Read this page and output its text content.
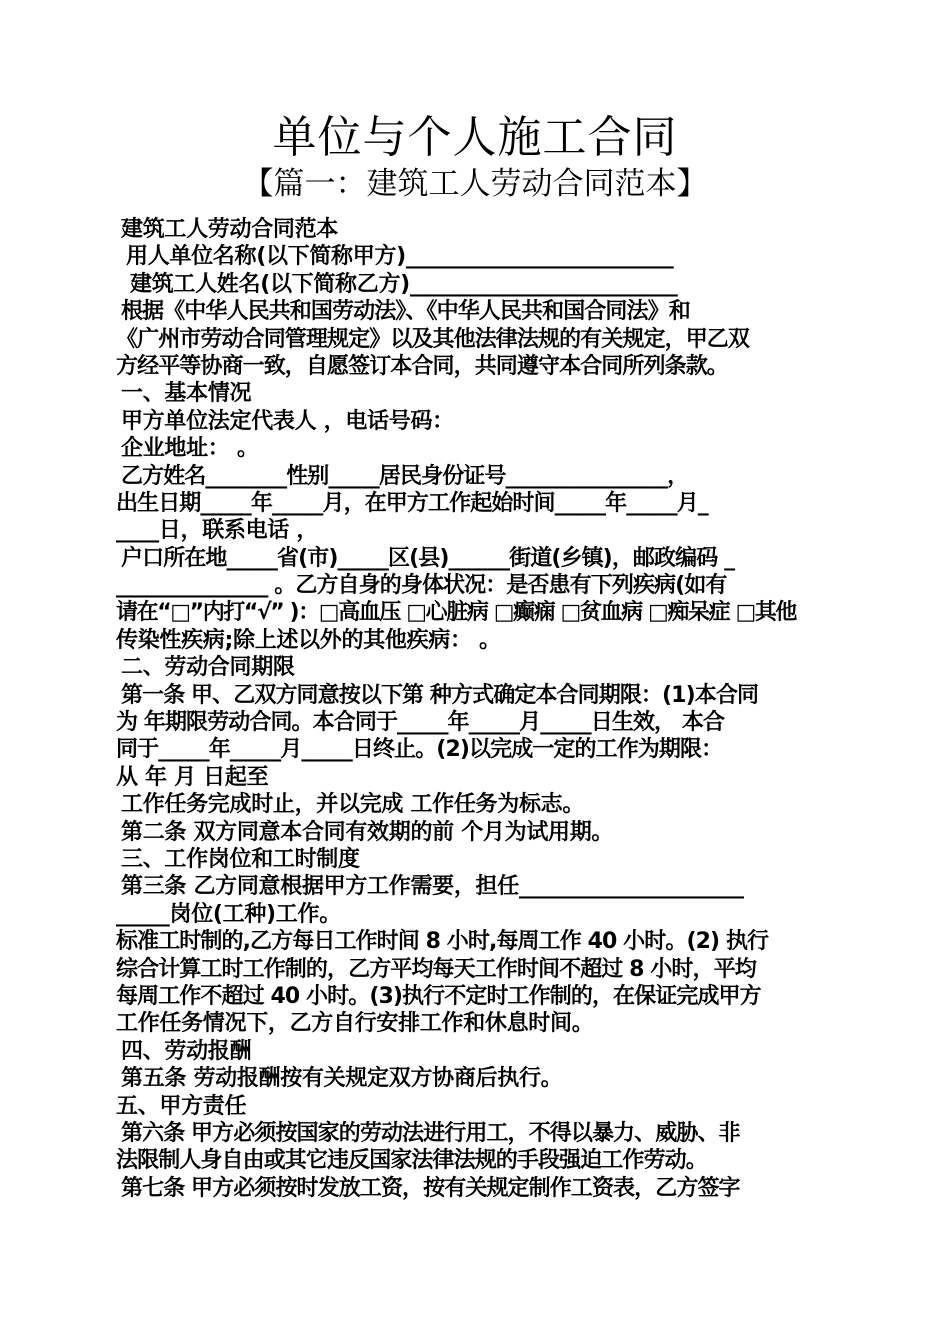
单位与个人施工合同
【篇一：建筑工人劳动合同范本】
建筑工人劳动合同范本
用人单位名称(以下简称甲方)_________________________
建筑工人姓名(以下简称乙方)_________________________
根据《中华人民共和国劳动法》、《中华人民共和国合同法》和
《广州市劳动合同管理规定》以及其他法律法规的有关规定，甲乙双
方经平等协商一致，自愿签订本合同，共同遵守本合同所列条款。
一、基本情况
甲方单位法定代表人 ，电话号码：
企业地址： 。
乙方姓名________性别_____居民身份证号________________，
出生日期_____年_____月，在甲方工作起始时间_____年_____月_
____日，联系电话 ，
户口所在地_____省(市)_____区(县)______街道(乡镇)，邮政编码 _
_______________ 。乙方自身的身体状况：是否患有下列疾病(如有
请在“□”内打“√” )：□高血压 □心脏病 □癫痫 □贫血病 □痴呆症 □其他
传染性疾病;除上述以外的其他疾病： 。
二、劳动合同期限
第一条 甲、乙双方同意按以下第 种方式确定本合同期限：(1)本合同
为 年期限劳动合同。本合同于_____年_____月_____日生效， 本合
同于_____年_____月_____日终止。(2)以完成一定的工作为期限：
从 年 月 日起至
工作任务完成时止，并以完成 工作任务为标志。
第二条 双方同意本合同有效期的前 个月为试用期。
三、工作岗位和工时制度
第三条 乙方同意根据甲方工作需要，担任_____________________
_____岗位(工种)工作。
标准工时制的,乙方每日工作时间 8 小时,每周工作 40 小时。(2) 执行
综合计算工时工作制的，乙方平均每天工作时间不超过 8 小时，平均
每周工作不超过 40 小时。(3)执行不定时工作制的，在保证完成甲方
工作任务情况下，乙方自行安排工作和休息时间。
四、劳动报酬
第五条 劳动报酬按有关规定双方协商后执行。
五、甲方责任
第六条 甲方必须按国家的劳动法进行用工，不得以暴力、威胁、非
法限制人身自由或其它违反国家法律法规的手段强迫工作劳动。
第七条 甲方必须按时发放工资，按有关规定制作工资表，乙方签字
